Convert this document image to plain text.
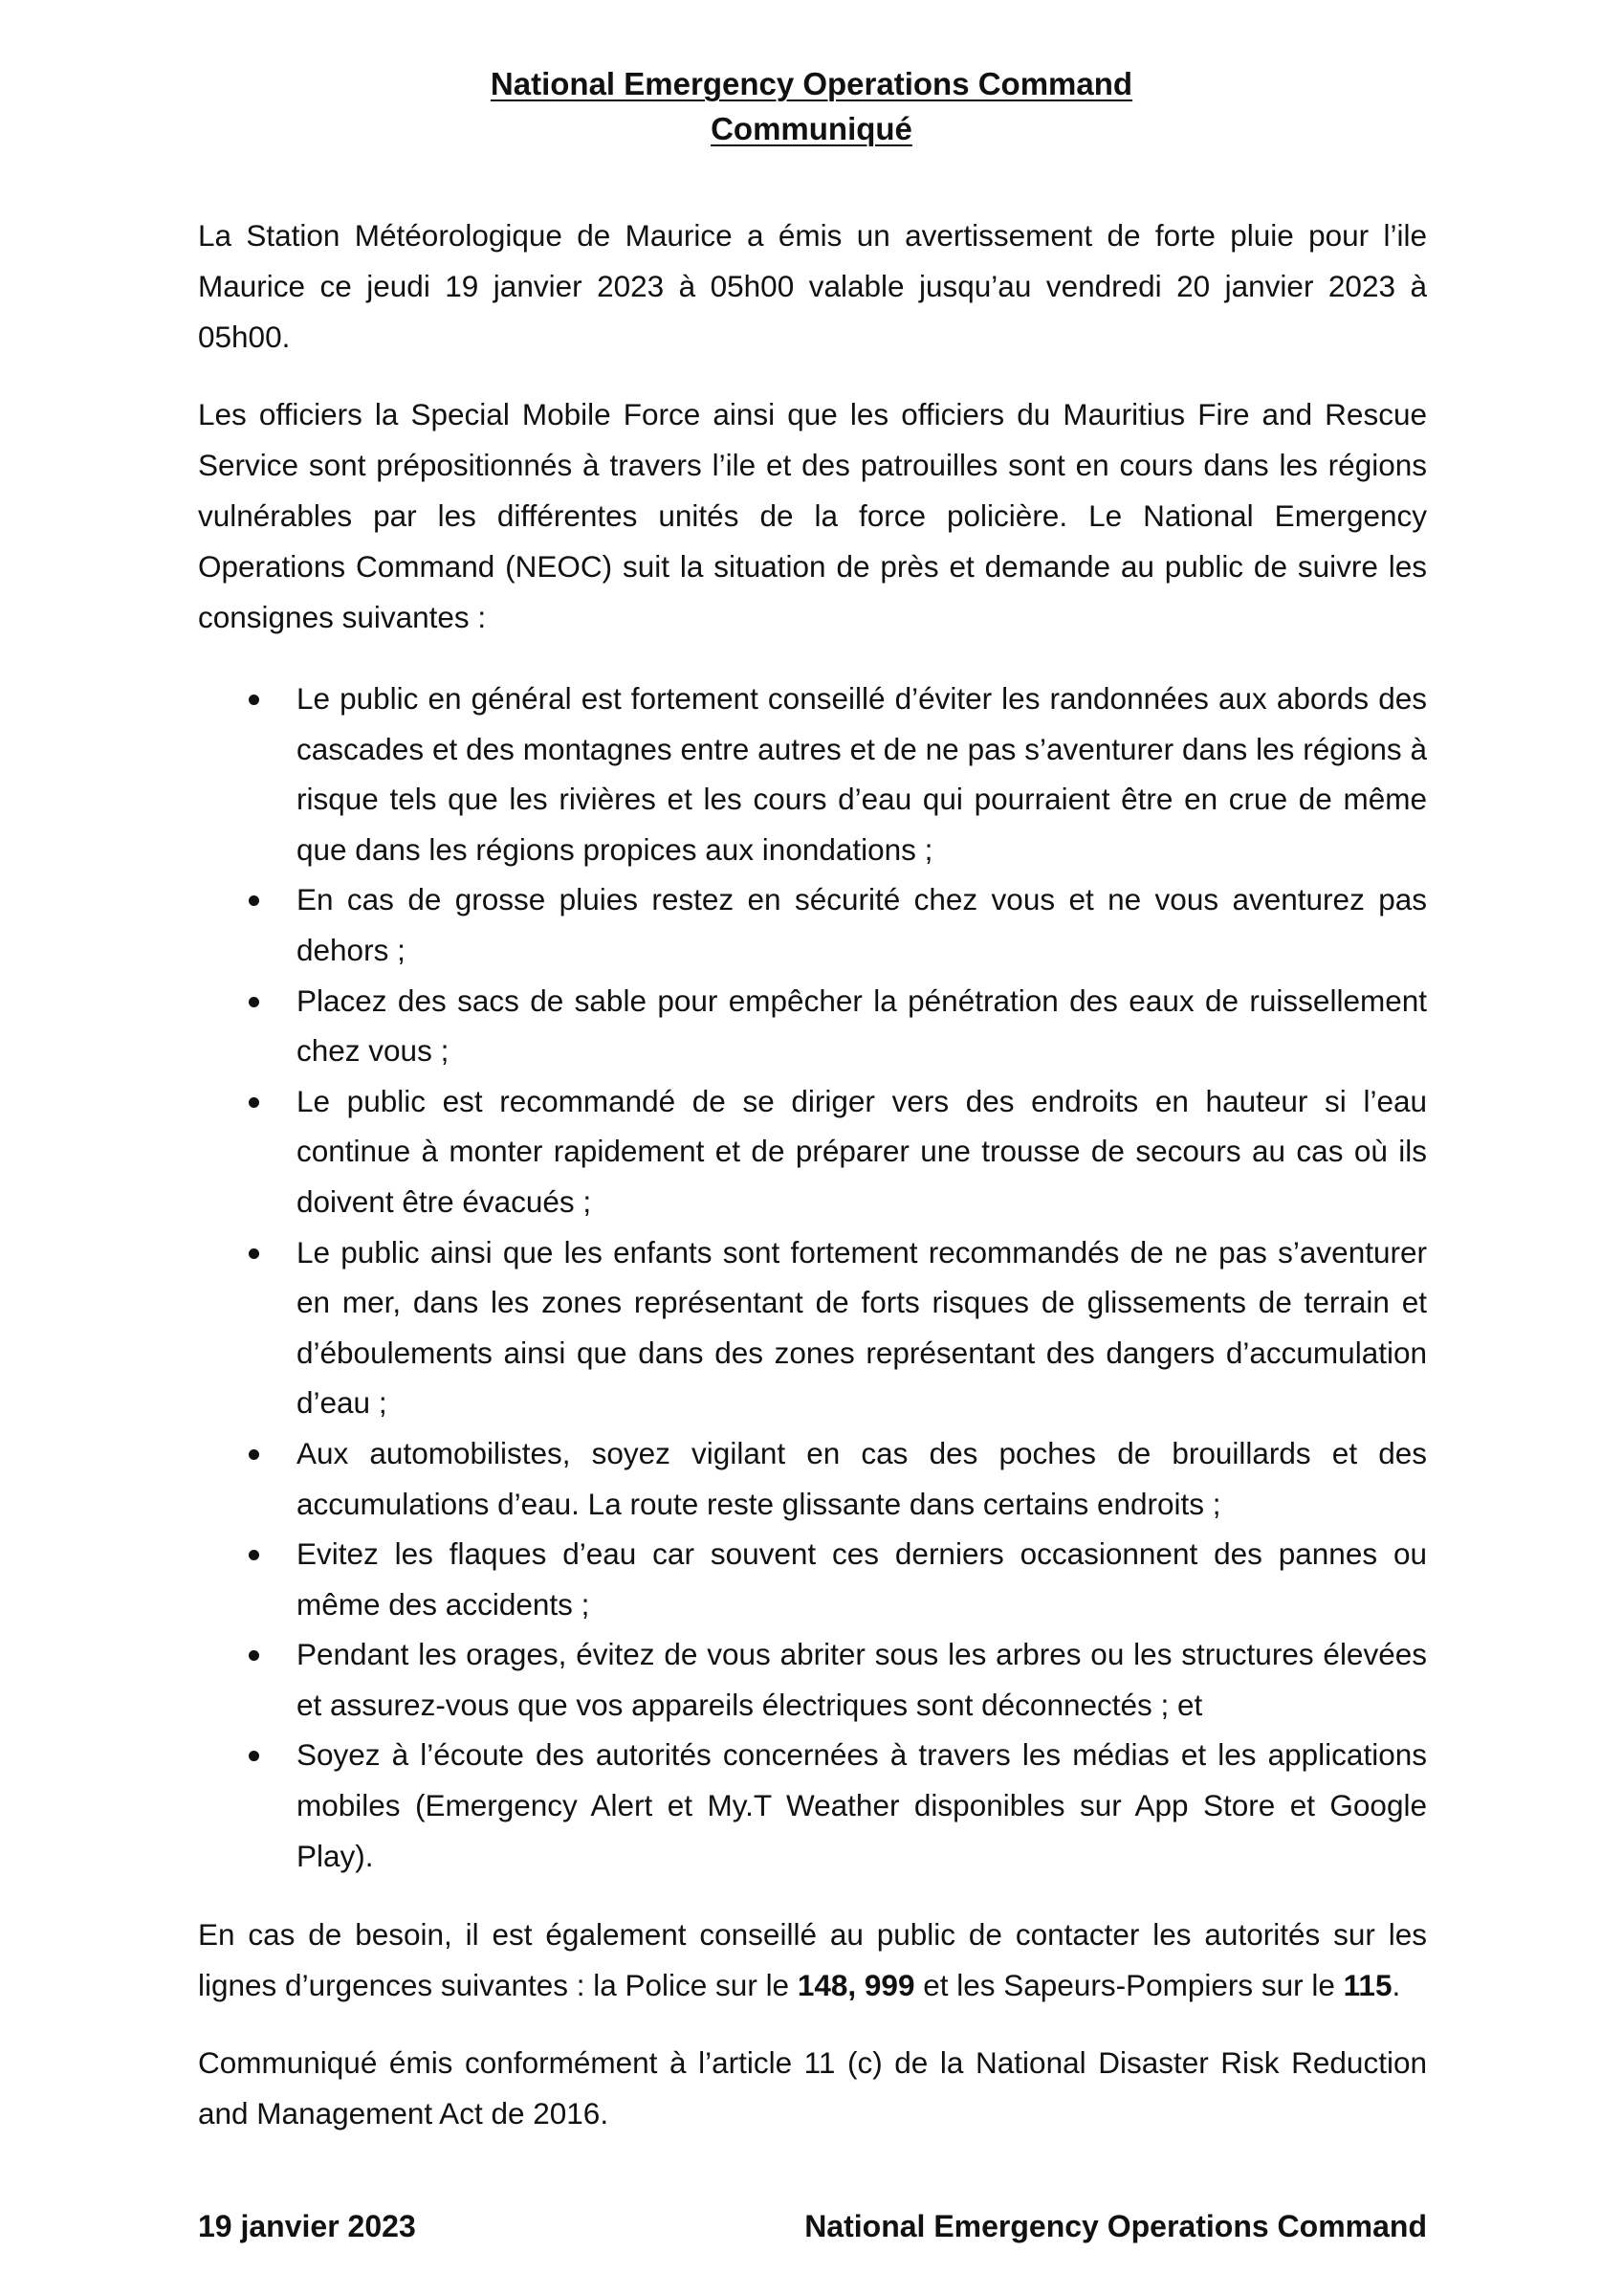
National Emergency Operations Command
Communiqué

La Station Météorologique de Maurice a émis un avertissement de forte pluie pour l’ile Maurice ce jeudi 19 janvier 2023 à 05h00 valable jusqu’au vendredi 20 janvier 2023 à 05h00.

Les officiers la Special Mobile Force ainsi que les officiers du Mauritius Fire and Rescue Service sont prépositionnés à travers l’ile et des patrouilles sont en cours dans les régions vulnérables par les différentes unités de la force policière. Le National Emergency Operations Command (NEOC) suit la situation de près et demande au public de suivre les consignes suivantes :

Le public en général est fortement conseillé d’éviter les randonnées aux abords des cascades et des montagnes entre autres et de ne pas s’aventurer dans les régions à risque tels que les rivières et les cours d’eau qui pourraient être en crue de même que dans les régions propices aux inondations ;
En cas de grosse pluies restez en sécurité chez vous et ne vous aventurez pas dehors ;
Placez des sacs de sable pour empêcher la pénétration des eaux de ruissellement chez vous ;
Le public est recommandé de se diriger vers des endroits en hauteur si l’eau continue à monter rapidement et de préparer une trousse de secours au cas où ils doivent être évacués ;
Le public ainsi que les enfants sont fortement recommandés de ne pas s’aventurer en mer, dans les zones représentant de forts risques de glissements de terrain et d’éboulements ainsi que dans des zones représentant des dangers d’accumulation d’eau ;
Aux automobilistes, soyez vigilant en cas des poches de brouillards et des accumulations d’eau. La route reste glissante dans certains endroits ;
Evitez les flaques d’eau car souvent ces derniers occasionnent des pannes ou même des accidents ;
Pendant les orages, évitez de vous abriter sous les arbres ou les structures élevées et assurez-vous que vos appareils électriques sont déconnectés ; et
Soyez à l’écoute des autorités concernées à travers les médias et les applications mobiles (Emergency Alert et My.T Weather disponibles sur App Store et Google Play).

En cas de besoin, il est également conseillé au public de contacter les autorités sur les lignes d’urgences suivantes : la Police sur le 148, 999 et les Sapeurs-Pompiers sur le 115.

Communiqué émis conformément à l’article 11 (c) de la National Disaster Risk Reduction and Management Act de 2016.

19 janvier 2023	National Emergency Operations Command
